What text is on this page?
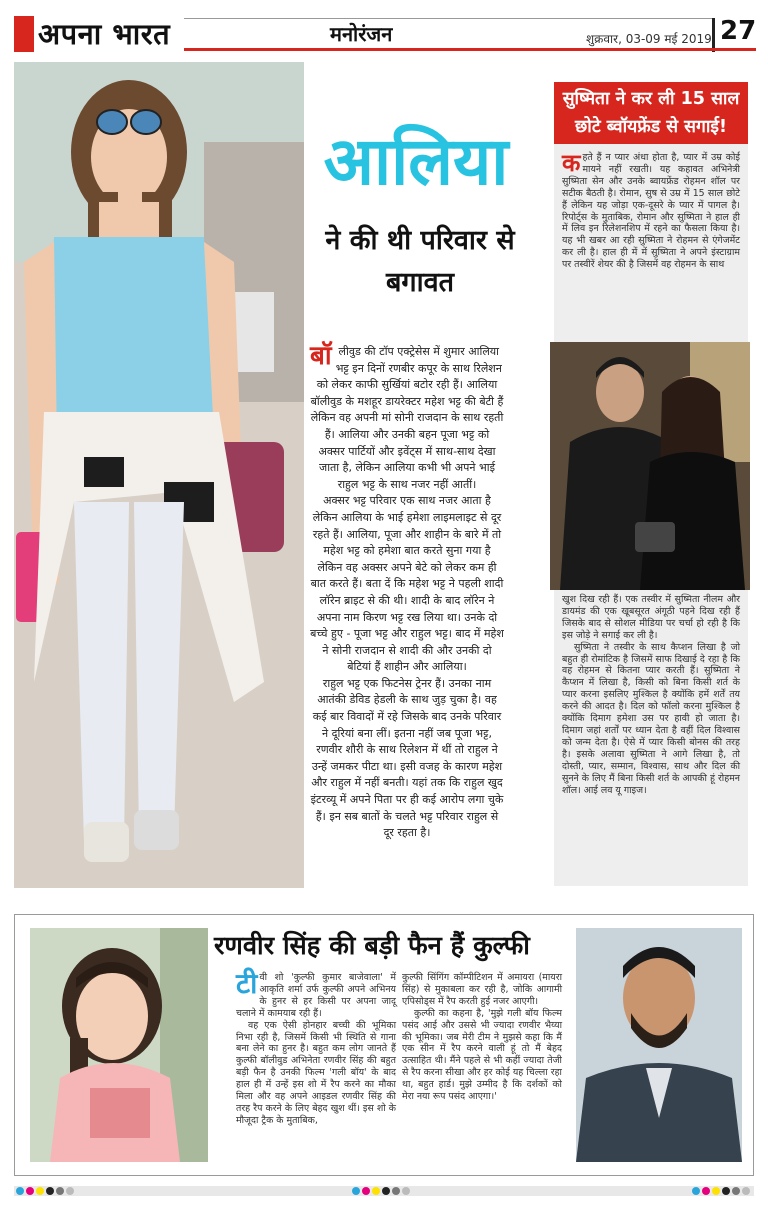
अपना भारत	मनोरंजन	शुक्रवार, 03-09 मई 2019 27
आलिया
ने की थी परिवार से
बगावत

बॉलीवुड की टॉप एक्ट्रेसेस में शुमार आलिया भट्ट इन दिनों रणबीर कपूर के साथ रिलेशन को लेकर काफी सुर्खियां बटोर रही हैं। आलिया बॉलीवुड के मशहूर डायरेक्टर महेश भट्ट की बेटी हैं लेकिन वह अपनी मां सोनी राजदान के साथ रहती हैं। आलिया और उनकी बहन पूजा भट्ट को अक्सर पार्टियों और इवेंट्स में साथ-साथ देखा जाता है, लेकिन आलिया कभी भी अपने भाई राहुल भट्ट के साथ नजर नहीं आतीं।

अक्सर भट्ट परिवार एक साथ नजर आता है लेकिन आलिया के भाई हमेशा लाइमलाइट से दूर रहते हैं। आलिया, पूजा और शाहीन के बारे में तो महेश भट्ट को हमेशा बात करते सुना गया है लेकिन वह अक्सर अपने बेटे को लेकर कम ही बात करते हैं। बता दें कि महेश भट्ट ने पहली शादी लॉरेन ब्राइट से की थी। शादी के बाद लॉरेन ने अपना नाम किरण भट्ट रख लिया था। उनके दो बच्चे हुए - पूजा भट्ट और राहुल भट्ट। बाद में महेश ने सोनी राजदान से शादी की और उनकी दो बेटियां हैं शाहीन और आलिया।

राहुल भट्ट एक फिटनेस ट्रेनर हैं। उनका नाम आतंकी डेविड हेडली के साथ जुड़ चुका है। वह कई बार विवादों में रहे जिसके बाद उनके परिवार ने दूरियां बना लीं। इतना नहीं जब पूजा भट्ट, रणवीर शौरी के साथ रिलेशन में थीं तो राहुल ने उन्हें जमकर पीटा था। इसी वजह के कारण महेश और राहुल में नहीं बनती। यहां तक कि राहुल खुद इंटरव्यू में अपने पिता पर ही कई आरोप लगा चुके हैं। इन सब बातों के चलते भट्ट परिवार राहुल से दूर रहता है।

सुष्मिता ने कर ली 15 साल
छोटे ब्वॉयफ्रेंड से सगाई!

कहते हैं न प्यार अंधा होता है, प्यार में उम्र कोई मायने नहीं रखती। यह कहावत अभिनेत्री सुष्मिता सेन और उनके ब्वायफ्रेंड रोहमन शॉल पर सटीक बैठती है। रोमान, सुष से उम्र में 15 साल छोटे हैं लेकिन यह जोड़ा एक-दूसरे के प्यार में पागल है। रिपोर्ट्स के मुताबिक, रोमान और सुष्मिता ने हाल ही में लिव इन रिलेशनशिप में रहने का फैसला किया है। यह भी खबर आ रही सुष्मिता ने रोहमन से एंगेजमेंट कर ली है। हाल ही में में सुष्मिता ने अपने इंस्टाग्राम पर तस्वीरें शेयर की है जिसमें वह रोहमन के साथ

खुश दिख रही हैं। एक तस्वीर में सुष्मिता नीलम और डायमंड की एक खूबसूरत अंगूठी पहने दिख रही हैं जिसके बाद से सोशल मीडिया पर चर्चा हो रही है कि इस जोड़े ने सगाई कर ली है।

सुष्मिता ने तस्वीर के साथ कैप्शन लिखा है जो बहुत ही रोमांटिक है जिसमें साफ दिखाई दे रहा है कि वह रोहमन से कितना प्यार करती हैं। सुष्मिता ने कैप्शन में लिखा है, किसी को बिना किसी शर्त के प्यार करना इसलिए मुश्किल है क्योंकि हमें शर्तें तय करने की आदत है। दिल को फॉलो करना मुश्किल है क्योंकि दिमाग हमेशा उस पर हावी हो जाता है। दिमाग जहां शर्तों पर ध्यान देता है वहीं दिल विश्वास को जन्म देता है। ऐसे में प्यार किसी बोनस की तरह है। इसके अलावा सुष्मिता ने आगे लिखा है, तो दोस्ती, प्यार, सम्मान, विश्वास, साथ और दिल की सुनने के लिए मैं बिना किसी शर्त के आपकी हूं रोहमन शॉल। आई लव यू गाइज।

रणवीर सिंह की बड़ी फैन हैं कुल्फी

टीवी शो 'कुल्फी कुमार बाजेवाला' में आकृति शर्मा उर्फ कुल्फी अपने अभिनय के हुनर से हर किसी पर अपना जादू चलाने में कामयाब रही हैं।

वह एक ऐसी होनहार बच्ची की भूमिका निभा रही है, जिसमें किसी भी स्थिति से गाना बना लेने का हुनर है। बहुत कम लोग जानते हैं कुल्फी बॉलीवुड अभिनेता रणवीर सिंह की बहुत बड़ी फैन है उनकी फिल्म 'गली बॉय' के बाद हाल ही में उन्हें इस शो में रैप करने का मौका मिला और वह अपने आइडल रणवीर सिंह की तरह रैप करने के लिए बेहद खुश थीं। इस शो के मौजूदा ट्रैक के मुताबिक,

कुल्फी सिंगिंग कॉम्पीटिशन में अमायरा (मायरा सिंह) से मुकाबला कर रही है, जोकि आगामी एपिसोड्स में रैप करती हुई नजर आएगी।

कुल्फी का कहना है, 'मुझे गली बॉय फिल्म पसंद आई और उससे भी ज्यादा रणवीर भैय्या की भूमिका। जब मेरी टीम ने मुझसे कहा कि मैं एक सीन में रैप करने वाली हूं तो मैं बेहद उत्साहित थी। मैंने पहले से भी कहीं ज्यादा तेजी से रैप करना सीखा और हर कोई यह चिल्ला रहा था, बहुत हार्ड। मुझे उम्मीद है कि दर्शकों को मेरा नया रूप पसंद आएगा।'
